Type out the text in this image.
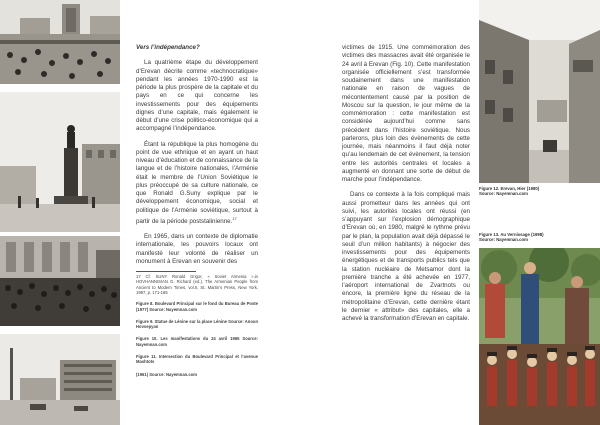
Vers l’indépendance?

La quatrième étape du développement d’Erevan décrite comme «technocratique» pendant les années 1970-1990 est la période la plus prospère de la capitale et du pays en ce qui concerne les investissements pour des équipements dignes d’une capitale, mais également le début d’une crise politico-économique qui a accompagné l’indépendance.

Étant la république la plus homogène du point de vue ethnique et en ayant un haut niveau d’éducation et de connaissance de la langue et de l’histoire nationales, l’Arménie était le membre de l’Union Soviétique le plus préoccupé de sa culture nationale, ce que Ronald G.Suny explique par le développement économique, social et politique de l’Arménie soviétique, surtout à partir de la période poststalinienne.$^{17}$

En 1965, dans un contexte de diplomatie internationale, les pouvoirs locaux ont manifesté leur volonté de réaliser un monument à Erevan en souvenir des

17 Cf. SUNY Ronald Grigor, « Soviet Armenia »,in HOVHANNISIAN G. Richard (ed.), The Armenian People from Ancient to Modern Times, vol.II, St. Martin’s Press, New York, 1997, p. 171-185

Figure 8. Boulevard Principal sur le fond du Bureau de Poste (1977) Source: Nayemnan.com

Figure 9. Statue de Lénine sur la place Lénine Source: Anoun Hovsepyan

Figure 10. Les manifestations du 24 avril 1965 Source: Nayemnan.com

Figure 11. Intersection du Boulevard Principal et l’avenue Mashtots

(1961) Source: Nayemnan.com

victimes de 1915. Une commémoration des victimes des massacres avait été organisée le 24 avril à Erevan (Fig. 10). Cette manifestation organisée officiellement s’est transformée soudainement dans une manifestation nationale en raison de vagues de mécontentement causé par la position de Moscou sur la question, le jour même de la commémoration : cette manifestation est considérée aujourd’hui comme sans précédent dans l’histoire soviétique. Nous parlerons, plus loin des évènements de cette journée, mais néanmoins il faut déjà noter qu’au lendemain de cet évènement, la tension entre les autorités centrales et locales a augmenté en donnant une sorte de début de marche pour l’indépendance.

Dans ce contexte à la fois compliqué mais aussi prometteur dans les années qui ont suivi, les autorités locales ont réussi (en s’appuyant sur l’explosion démographique d’Erevan où, en 1980, malgré le rythme prévu par le plan, la population avait déjà dépassé le seuil d’un million habitants) à négocier des investissements pour des équipements énergétiques et de transports publics tels que la station nucléaire de Metsamor dont la première tranche a été achevée en 1977, l’aéroport international de Zvartnots ou encore, la première ligne du réseau de la métropolitaine d’Erevan, cette dernière étant le dernier « attribut» des capitales, elle a achevé la transformation d’Erevan en capitale.

Figure 12. Erevan, Hier (1980) Source: Nayemnan.com
Figure 13. Au Vernissage (1998) Source: Nayemnan.com
